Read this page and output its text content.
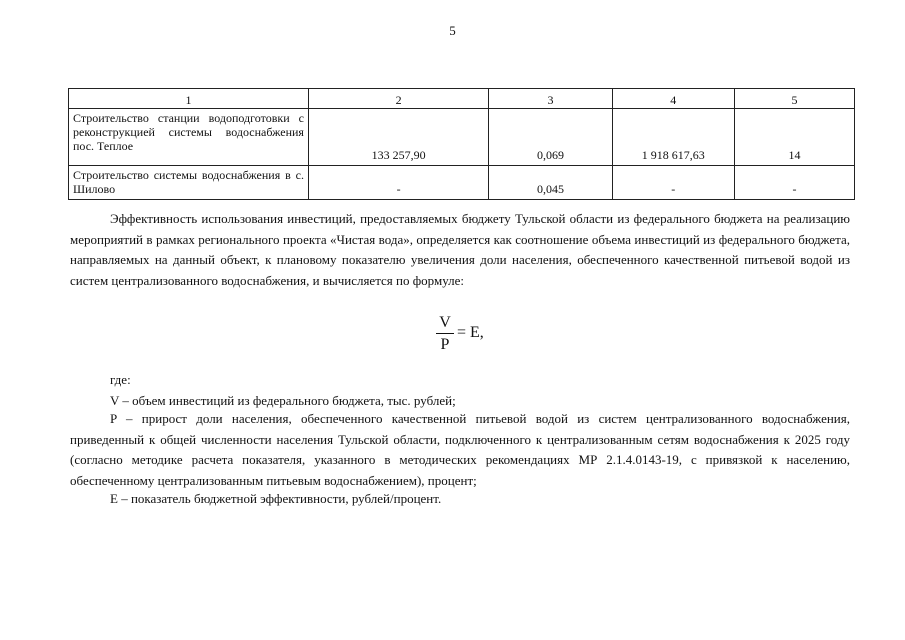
5
1	2	3	4	5
Строительство станции водоподготовки с реконструкцией системы водоснабжения пос. Теплое	133 257,90	0,069	1 918 617,63	14
Строительство системы водоснабжения в с. Шилово	-	0,045	-	-
Эффективность использования инвестиций, предоставляемых бюджету Тульской области из федерального бюджета на реализацию мероприятий в рамках регионального проекта «Чистая вода», определяется как соотношение объема инвестиций из федерального бюджета, направляемых на данный объект, к плановому показателю увеличения доли населения, обеспеченного качественной питьевой водой из систем централизованного водоснабжения, и вычисляется по формуле:
$\frac{V}{P} = E$,
где:
V – объем инвестиций из федерального бюджета, тыс. рублей;
P – прирост доли населения, обеспеченного качественной питьевой водой из систем централизованного водоснабжения, приведенный к общей численности населения Тульской области, подключенного к централизованным сетям водоснабжения к 2025 году (согласно методике расчета показателя, указанного в методических рекомендациях МР 2.1.4.0143-19, с привязкой к населению, обеспеченному централизованным питьевым водоснабжением), процент;
E – показатель бюджетной эффективности, рублей/процент.
